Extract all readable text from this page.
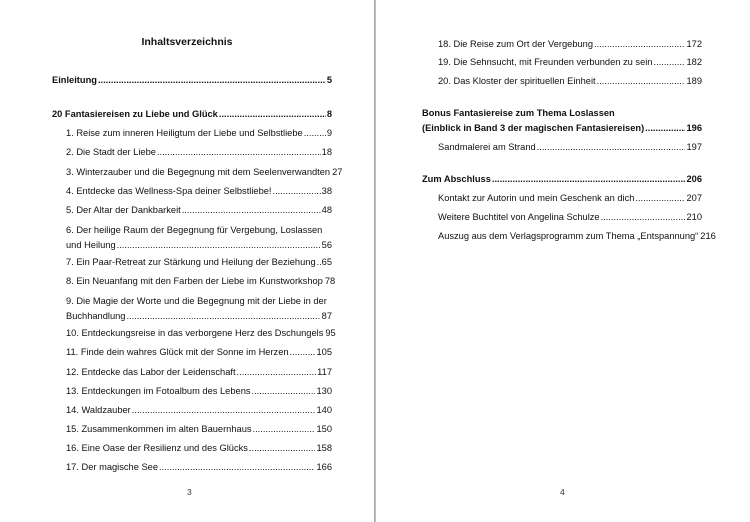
Inhaltsverzeichnis
Einleitung .....	5
20 Fantasiereisen zu Liebe und Glück .....	8
1. Reise zum inneren Heiligtum der Liebe und Selbstliebe .....	9
2. Die Stadt der Liebe .....	18
3. Winterzauber und die Begegnung mit dem Seelenverwandten 27
4. Entdecke das Wellness-Spa deiner Selbstliebe! .....	38
5. Der Altar der Dankbarkeit .....	48
6. Der heilige Raum der Begegnung für Vergebung, Loslassen
und Heilung .....	56
7. Ein Paar-Retreat zur Stärkung und Heilung der Beziehung ..... 65
8. Ein Neuanfang mit den Farben der Liebe im Kunstworkshop 78
9. Die Magie der Worte und die Begegnung mit der Liebe in der
Buchhandlung .....	87
10. Entdeckungsreise in das verborgene Herz des Dschungels 95
11. Finde dein wahres Glück mit der Sonne im Herzen .....	105
12. Entdecke das Labor der Leidenschaft .....	117
13. Entdeckungen im Fotoalbum des Lebens .....	130
14. Waldzauber .....	140
15. Zusammenkommen im alten Bauernhaus .....	150
16. Eine Oase der Resilienz und des Glücks .....	158
17. Der magische See .....	166
3
18. Die Reise zum Ort der Vergebung .....	172
19. Die Sehnsucht, mit Freunden verbunden zu sein .....	182
20. Das Kloster der spirituellen Einheit .....	189
Bonus Fantasiereise zum Thema Loslassen
(Einblick in Band 3 der magischen Fantasiereisen) .....	196
Sandmalerei am Strand .....	197
Zum Abschluss .....	206
Kontakt zur Autorin und mein Geschenk an dich .....	207
Weitere Buchtitel von Angelina Schulze .....	210
Auszug aus dem Verlagsprogramm zum Thema „Entspannung“ 216
4
